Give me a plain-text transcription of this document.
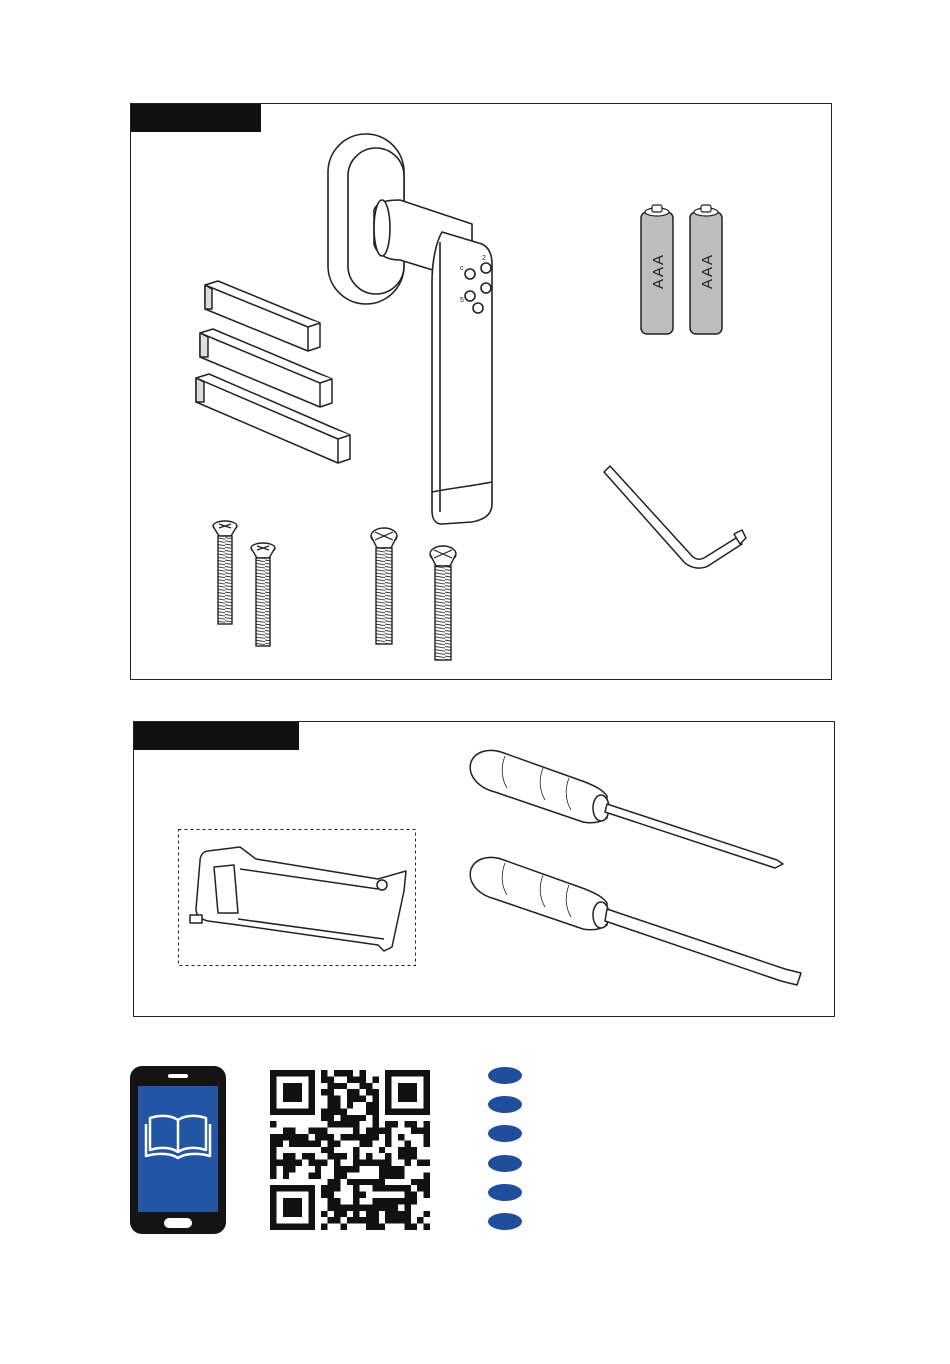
c
2
5
AAA AAA
